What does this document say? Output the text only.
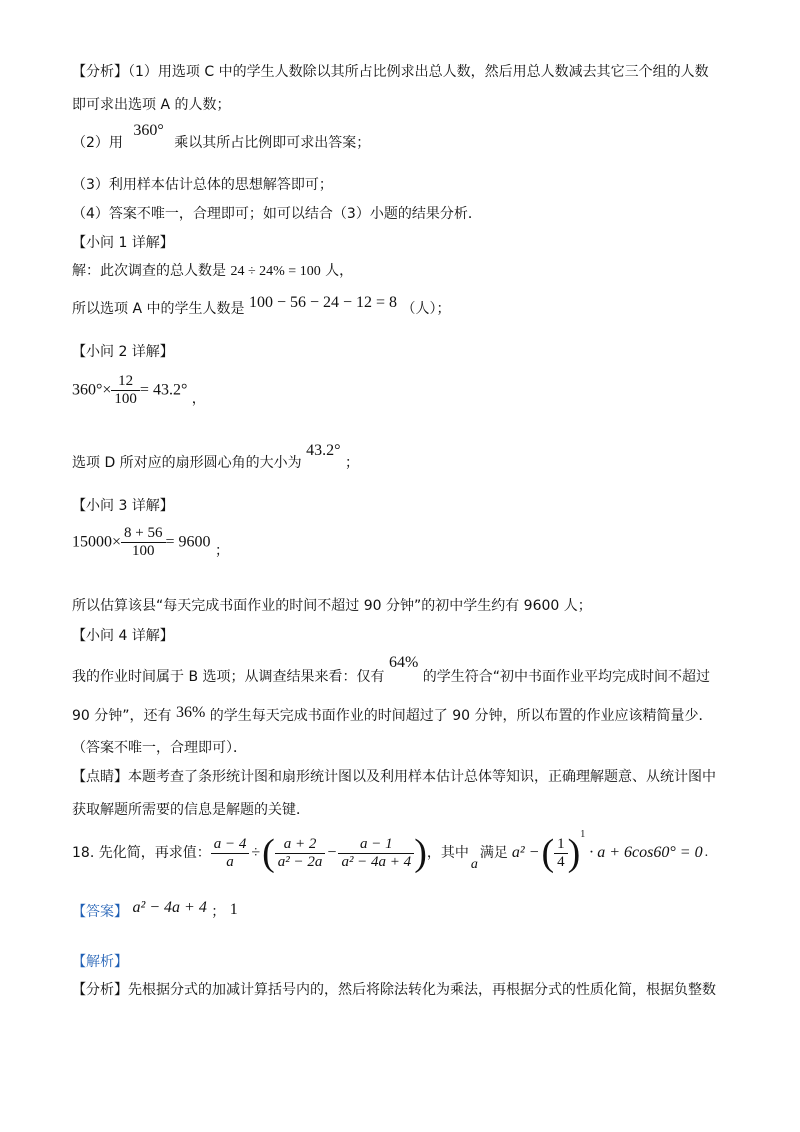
【分析】（1）用选项 C 中的学生人数除以其所占比例求出总人数，然后用总人数减去其它三个组的人数
即可求出选项 A 的人数；
（2）用 360° 乘以其所占比例即可求出答案；
（3）利用样本估计总体的思想解答即可；
（4）答案不唯一，合理即可；如可以结合（3）小题的结果分析．
【小问 1 详解】
解：此次调查的总人数是 24 ÷ 24% = 100 人，
所以选项 A 中的学生人数是 100 − 56 − 24 − 12 = 8 （人）；
【小问 2 详解】
$360^\circ\times \frac{12}{100} = 43.2^\circ$ ，
选项 D 所对应的扇形圆心角的大小为 43.2° ；
【小问 3 详解】
$15000\times \frac{8 + 56}{100} = 9600$ ；
所以估算该县“每天完成书面作业的时间不超过 90 分钟”的初中学生约有 9600 人；
【小问 4 详解】
我的作业时间属于 B 选项；从调查结果来看：仅有 64% 的学生符合“初中书面作业平均完成时间不超过
90 分钟”，还有 36% 的学生每天完成书面作业的时间超过了 90 分钟，所以布置的作业应该精简量少．
（答案不唯一，合理即可）．
【点睛】本题考查了条形统计图和扇形统计图以及利用样本估计总体等知识，正确理解题意、从统计图中
获取解题所需要的信息是解题的关键．
18. 先化简，再求值： $\frac{a - 4}{a}$ ÷ ( $\frac{a + 2}{\text{a² − 2a}} - \frac{a - 1}{\text{a² − 4a + 4}}$ ) ，其中
a
满足 a² − ( $\frac{1}{4}$ ) 1
· a + 6cos60° = 0 .
【答案】 a² − 4a + 4 ； 1
【解析】
【分析】先根据分式的加减计算括号内的，然后将除法转化为乘法，再根据分式的性质化简，根据负整数
